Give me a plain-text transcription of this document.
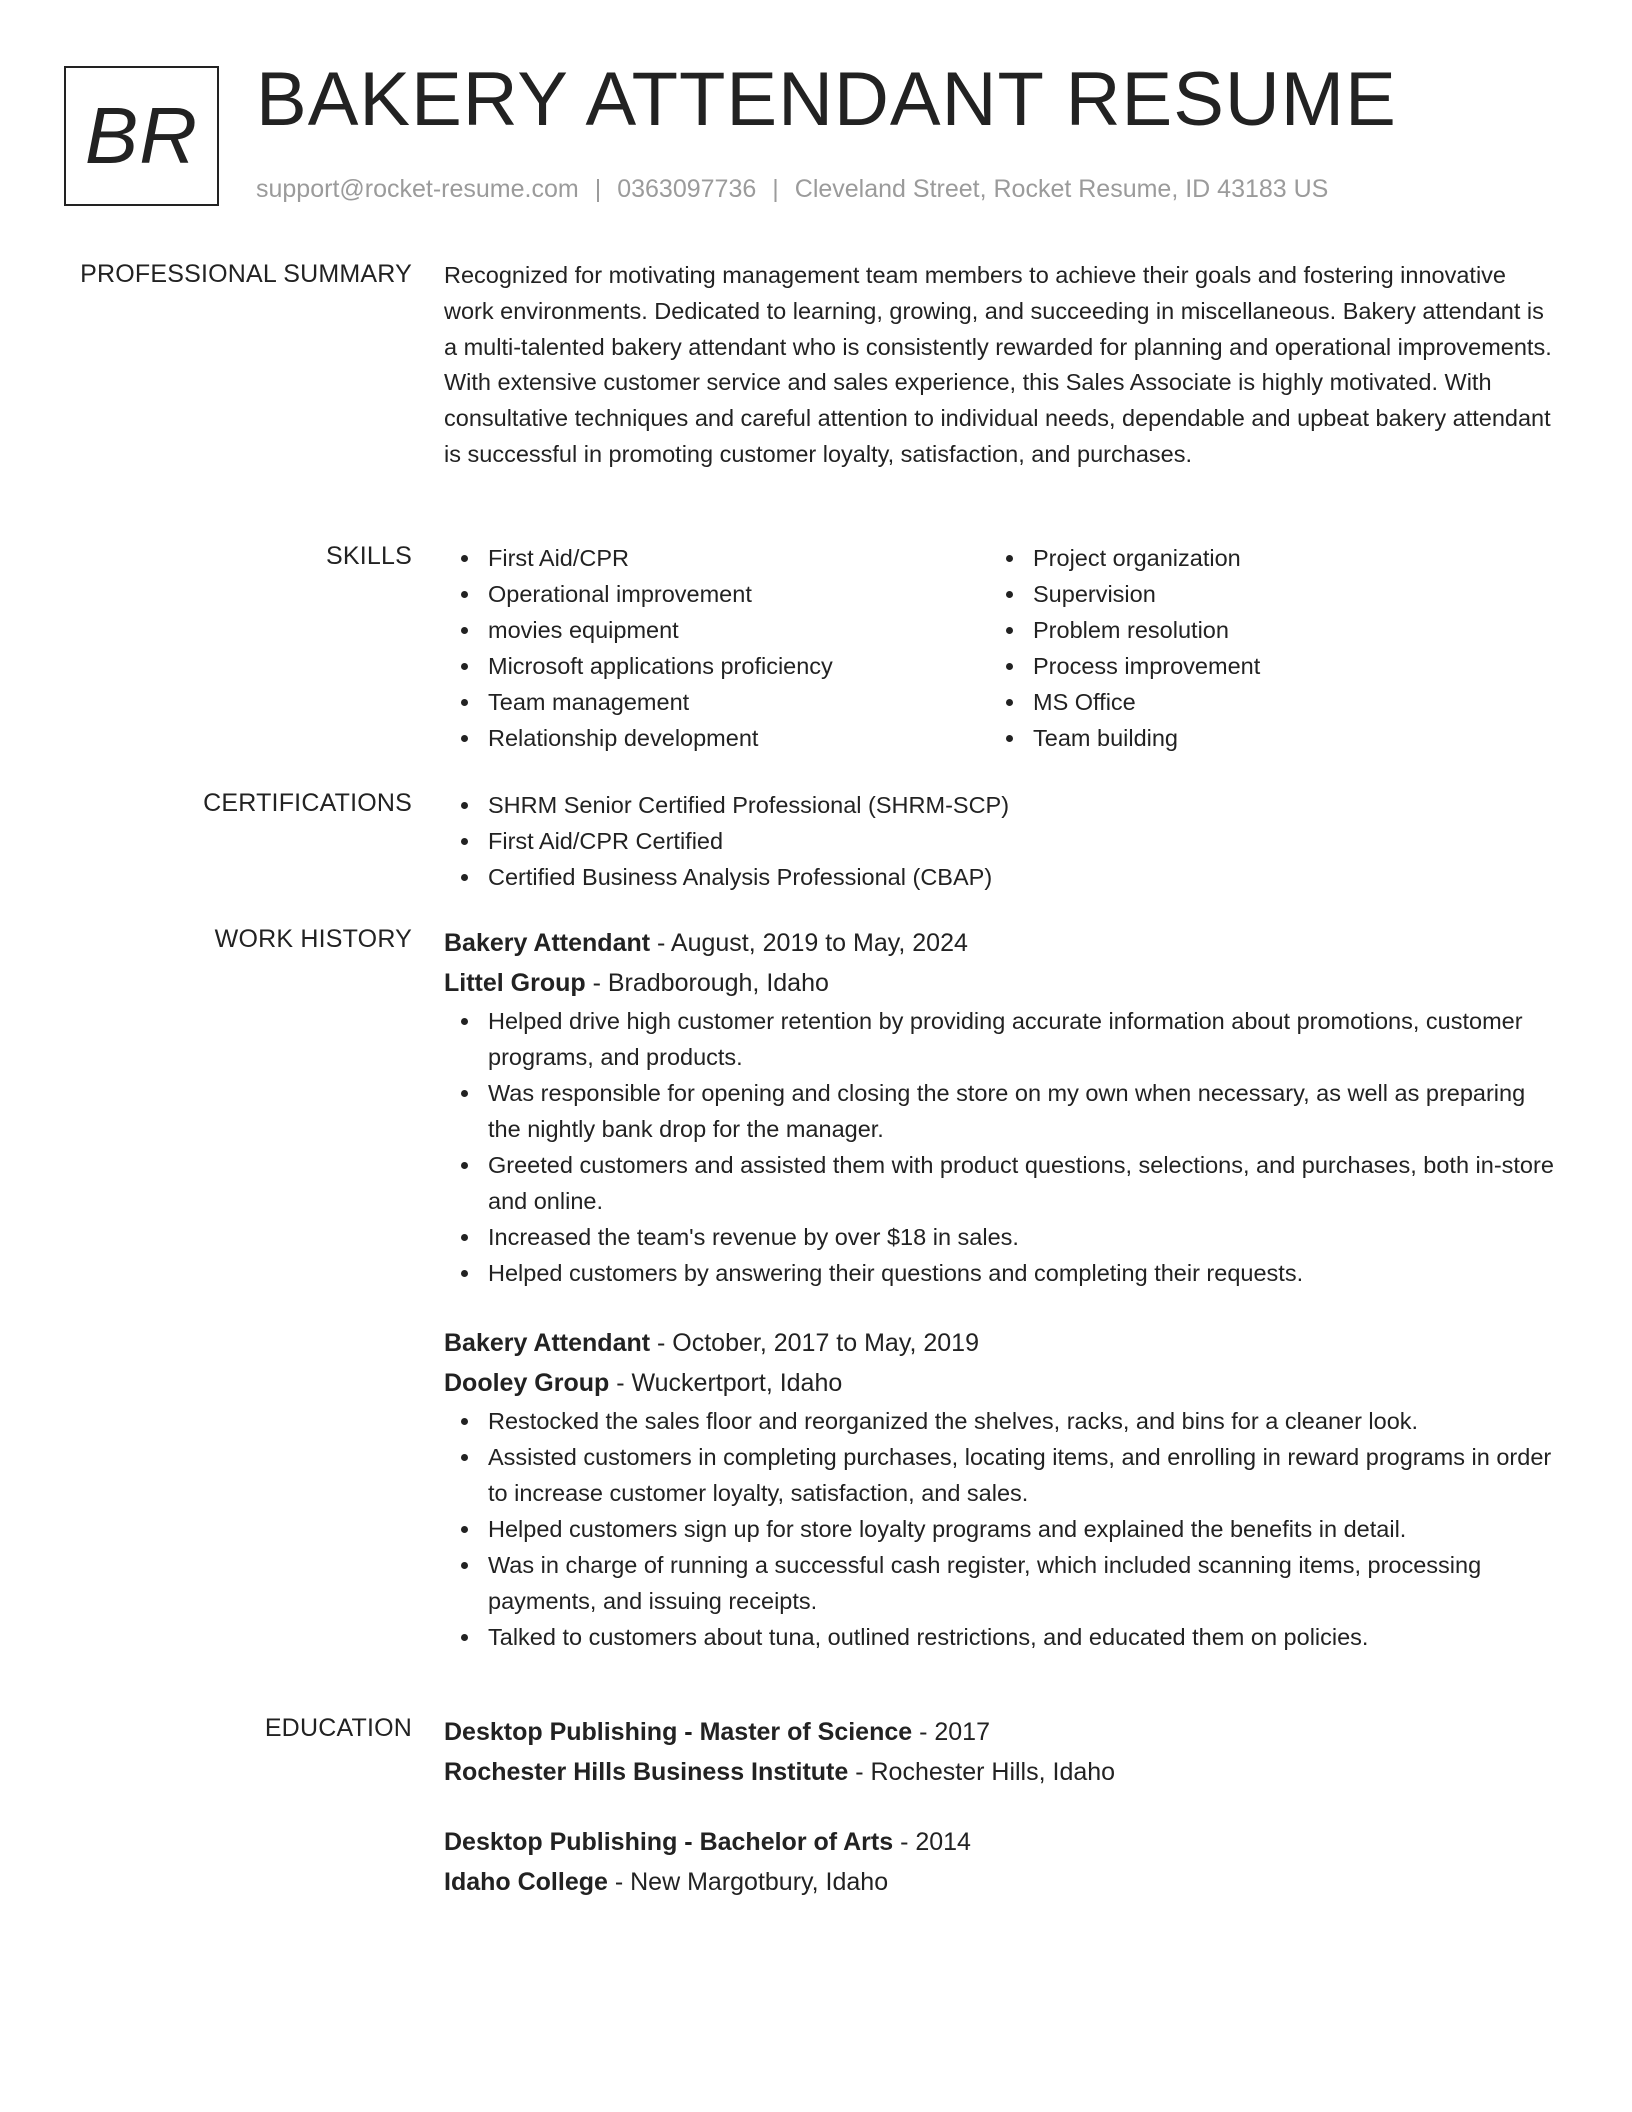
BR BAKERY ATTENDANT RESUME
support@rocket-resume.com | 0363097736 | Cleveland Street, Rocket Resume, ID 43183 US
PROFESSIONAL SUMMARY Recognized for motivating management team members to achieve their goals and fostering innovative work environments. Dedicated to learning, growing, and succeeding in miscellaneous. Bakery attendant is a multi-talented bakery attendant who is consistently rewarded for planning and operational improvements. With extensive customer service and sales experience, this Sales Associate is highly motivated. With consultative techniques and careful attention to individual needs, dependable and upbeat bakery attendant is successful in promoting customer loyalty, satisfaction, and purchases.

SKILLS	First Aid/CPR
Operational improvement
movies equipment
Microsoft applications proficiency
Team management
Relationship development
Project organization
Supervision
Problem resolution
Process improvement
MS Office
Team building
CERTIFICATIONS	SHRM Senior Certified Professional (SHRM-SCP)
First Aid/CPR Certified
Certified Business Analysis Professional (CBAP)
WORK HISTORY Bakery Attendant - August, 2019 to May, 2024
Littel Group - Bradborough, Idaho
Helped drive high customer retention by providing accurate information about promotions, customer programs, and products.
Was responsible for opening and closing the store on my own when necessary, as well as preparing the nightly bank drop for the manager.
Greeted customers and assisted them with product questions, selections, and purchases, both in-store and online.
Increased the team's revenue by over $18 in sales.
Helped customers by answering their questions and completing their requests.
Bakery Attendant - October, 2017 to May, 2019
Dooley Group - Wuckertport, Idaho
Restocked the sales floor and reorganized the shelves, racks, and bins for a cleaner look.
Assisted customers in completing purchases, locating items, and enrolling in reward programs in order to increase customer loyalty, satisfaction, and sales.
Helped customers sign up for store loyalty programs and explained the benefits in detail.
Was in charge of running a successful cash register, which included scanning items, processing payments, and issuing receipts.
Talked to customers about tuna, outlined restrictions, and educated them on policies.
EDUCATION Desktop Publishing - Master of Science - 2017
Rochester Hills Business Institute - Rochester Hills, Idaho
Desktop Publishing - Bachelor of Arts - 2014
Idaho College - New Margotbury, Idaho
